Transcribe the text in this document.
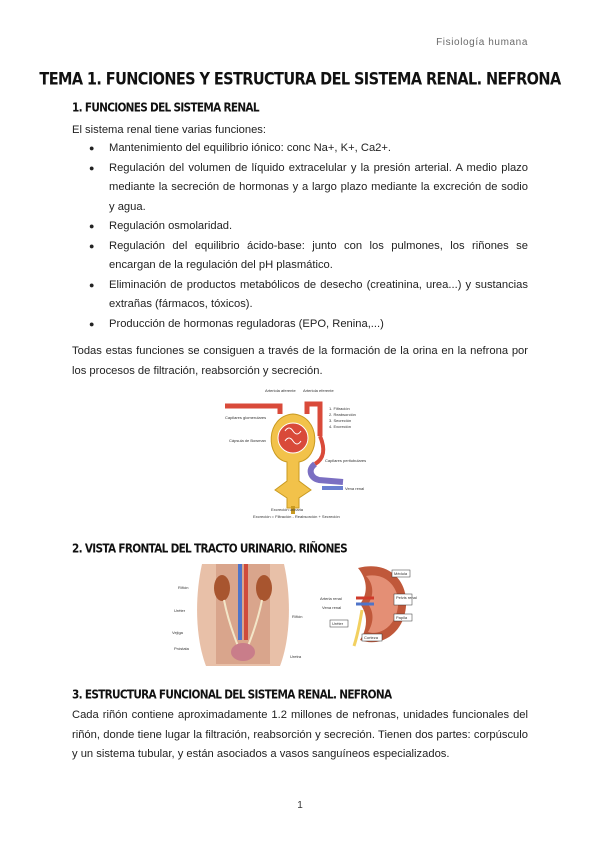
Fisiología humana
TEMA 1. FUNCIONES Y ESTRUCTURA DEL SISTEMA RENAL. NEFRONA
1. FUNCIONES DEL SISTEMA RENAL
El sistema renal tiene varias funciones:
● Mantenimiento del equilibrio iónico: conc Na+, K+, Ca2+.
● Regulación del volumen de líquido extracelular y la presión arterial. A medio plazo mediante la secreción de hormonas y a largo plazo mediante la excreción de sodio y agua.
● Regulación osmolaridad.
● Regulación del equilibrio ácido-base: junto con los pulmones, los riñones se encargan de la regulación del pH plasmático.
● Eliminación de productos metabólicos de desecho (creatinina, urea...) y sustancias extrañas (fármacos, tóxicos).
● Producción de hormonas reguladoras (EPO, Renina,...)
Todas estas funciones se consiguen a través de la formación de la orina en la nefrona por los procesos de filtración, reabsorción y secreción.
Arteriola aferente Arteriola eferente
Capilares glomerulares
Cápsula de Bowman
1. Filtración
2. Reabsorción
3. Secreción
4. Excreción
Capilares peritubulares
Vena renal
Excreción urinaria
Excreción = Filtración - Reabsorción + Secreción
2. VISTA FRONTAL DEL TRACTO URINARIO. RIÑONES
Riñón
Uréter
Vejiga
Próstata
Uretra
Riñón
Médula
Pelvis renal
Arteria renal
Vena renal
Uréter
Papila
Corteza
3. ESTRUCTURA FUNCIONAL DEL SISTEMA RENAL. NEFRONA
Cada riñón contiene aproximadamente 1.2 millones de nefronas, unidades funcionales del riñón, donde tiene lugar la filtración, reabsorción y secreción. Tienen dos partes: corpúsculo y un sistema tubular, y están asociados a vasos sanguíneos especializados.
1
